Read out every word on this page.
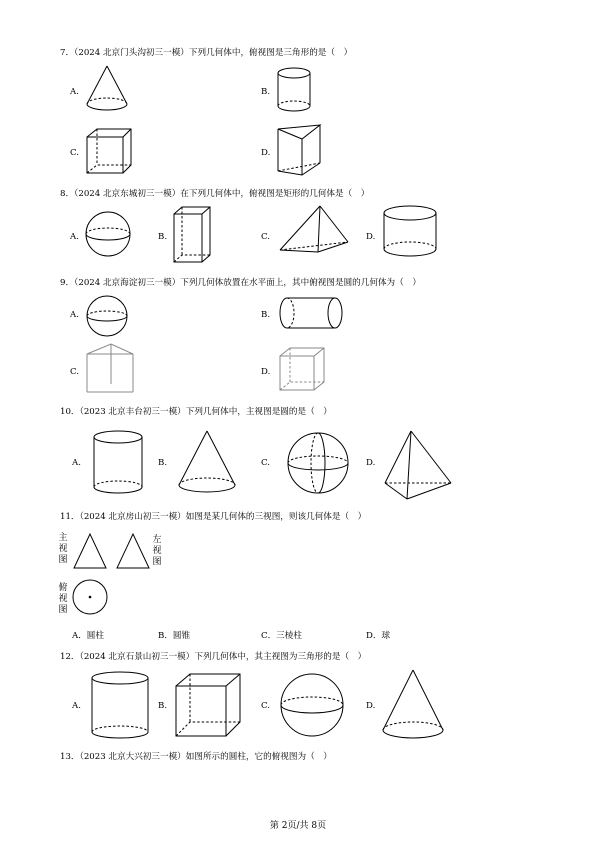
7．（2024 北京门头沟初三一模）下列几何体中，俯视图是三角形的是（　）
A.	B.
C.	D.
8．（2024 北京东城初三一模）在下列几何体中，俯视图是矩形的几何体是（　）
A.	B.	C.	D.
9．（2024 北京海淀初三一模）下列几何体放置在水平面上，其中俯视图是圆的几何体为（　）
A.	B.
C.	D.
10．（2023 北京丰台初三一模）下列几何体中，主视图是圆的是（　）
A.	B.	C.	D.
11．（2024 北京房山初三一模）如图是某几何体的三视图，则该几何体是（　）
主
视
图
左
视
图
俯
视
图
A．圆柱	B．圆锥	C．三棱柱	D．球
12．（2024 北京石景山初三一模）下列几何体中，其主视图为三角形的是（　）
A.	B.	C.	D.
13．（2023 北京大兴初三一模）如图所示的圆柱，它的俯视图为（　）
第 2页/共 8页
